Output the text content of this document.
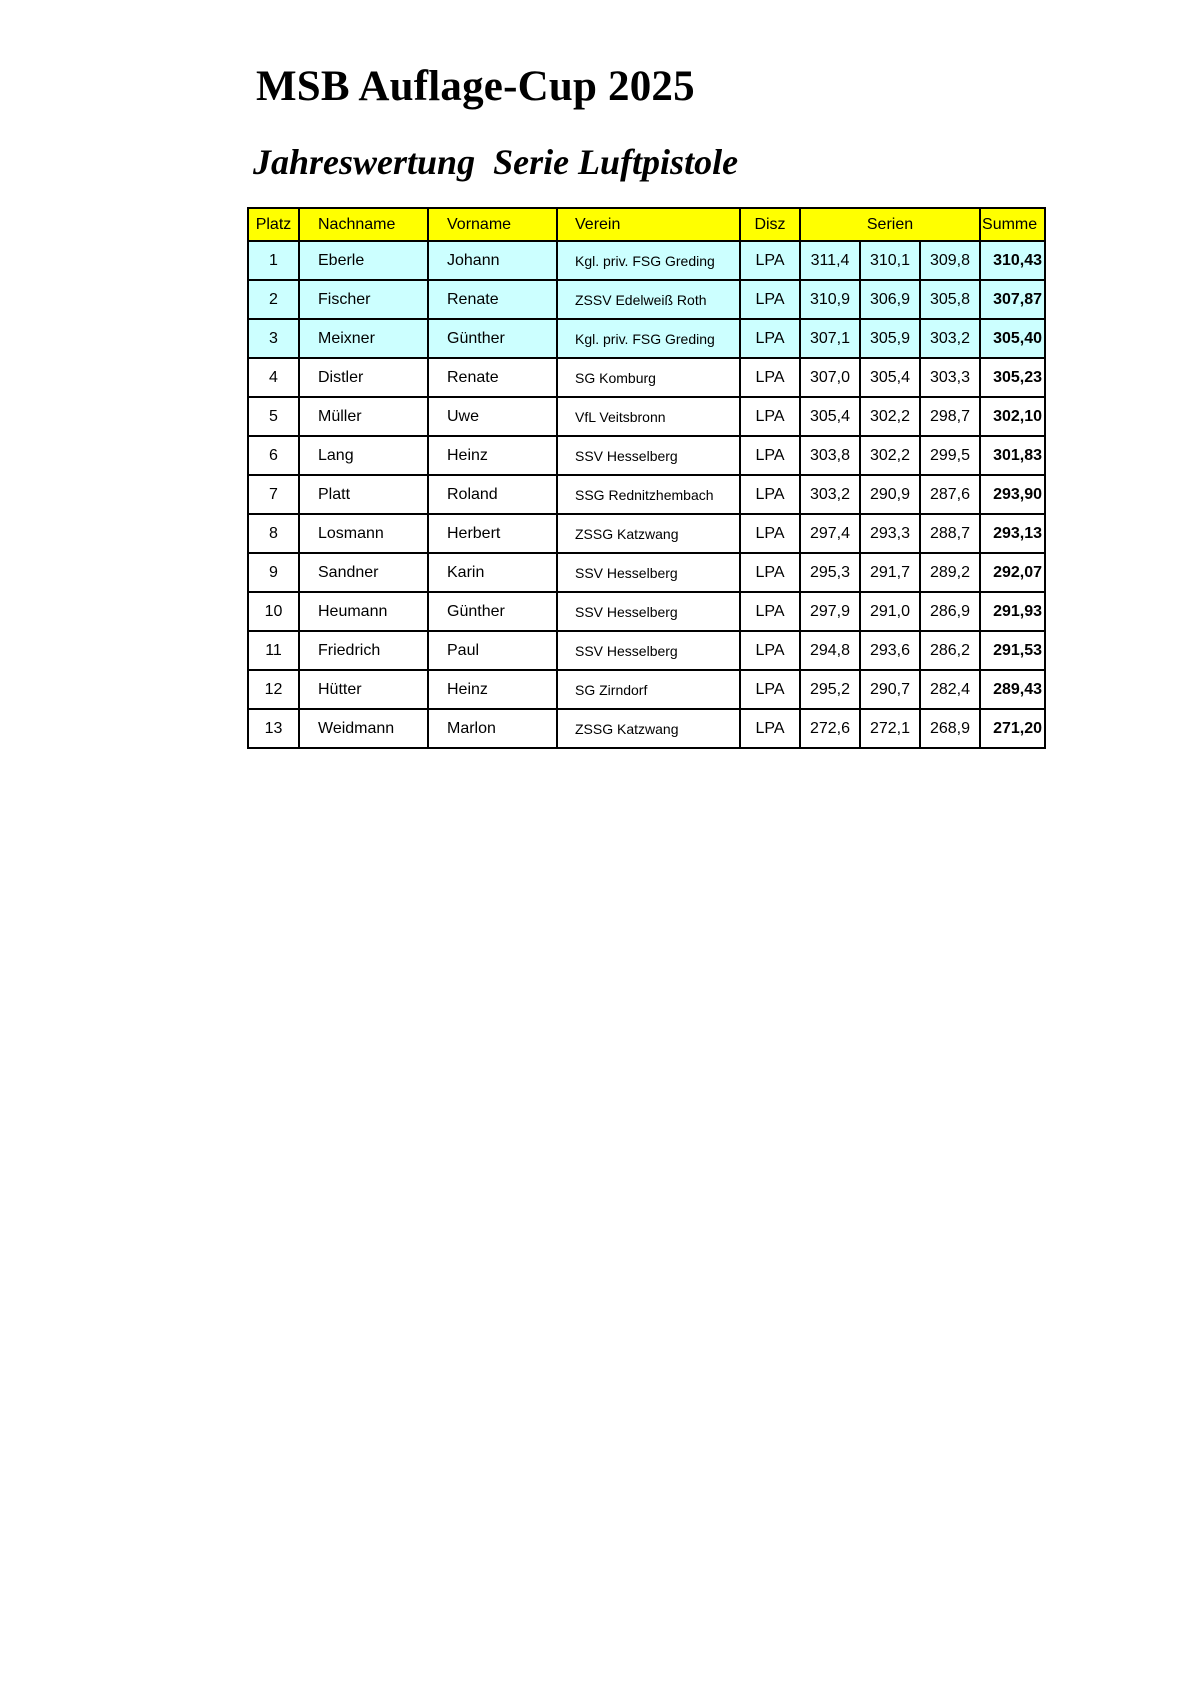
MSB Auflage-Cup 2025
Jahreswertung  Serie Luftpistole
Platz	Nachname	Vorname	Verein	Disz	Serien			Summe
1	Eberle	Johann	Kgl. priv. FSG Greding	LPA	311,4	310,1	309,8	310,43
2	Fischer	Renate	ZSSV Edelweiß Roth	LPA	310,9	306,9	305,8	307,87
3	Meixner	Günther	Kgl. priv. FSG Greding	LPA	307,1	305,9	303,2	305,40
4	Distler	Renate	SG Komburg	LPA	307,0	305,4	303,3	305,23
5	Müller	Uwe	VfL Veitsbronn	LPA	305,4	302,2	298,7	302,10
6	Lang	Heinz	SSV Hesselberg	LPA	303,8	302,2	299,5	301,83
7	Platt	Roland	SSG Rednitzhembach	LPA	303,2	290,9	287,6	293,90
8	Losmann	Herbert	ZSSG Katzwang	LPA	297,4	293,3	288,7	293,13
9	Sandner	Karin	SSV Hesselberg	LPA	295,3	291,7	289,2	292,07
10	Heumann	Günther	SSV Hesselberg	LPA	297,9	291,0	286,9	291,93
11	Friedrich	Paul	SSV Hesselberg	LPA	294,8	293,6	286,2	291,53
12	Hütter	Heinz	SG Zirndorf	LPA	295,2	290,7	282,4	289,43
13	Weidmann	Marlon	ZSSG Katzwang	LPA	272,6	272,1	268,9	271,20
